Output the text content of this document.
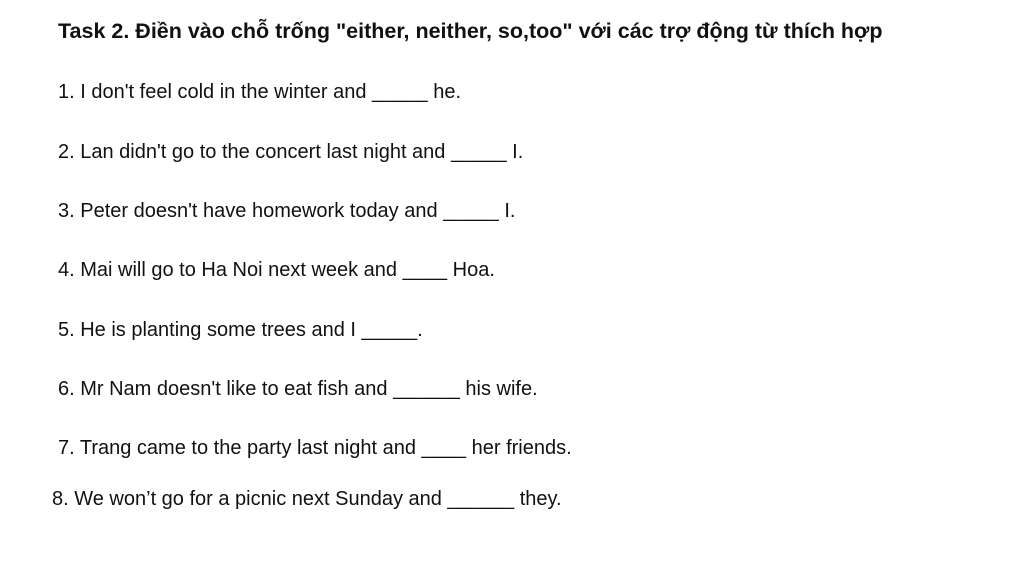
Task 2. Điền vào chỗ trống "either, neither, so,too" với các trợ động từ thích hợp
1. I don't feel cold in the winter and _____ he.
2. Lan didn't go to the concert last night and _____ I.
3. Peter doesn't have homework today and _____ I.
4. Mai will go to Ha Noi next week and ____ Hoa.
5. He is planting some trees and I _____.
6. Mr Nam doesn't like to eat fish and ______ his wife.
7. Trang came to the party last night and ____ her friends.
8. We won’t go for a picnic next Sunday and ______ they.
